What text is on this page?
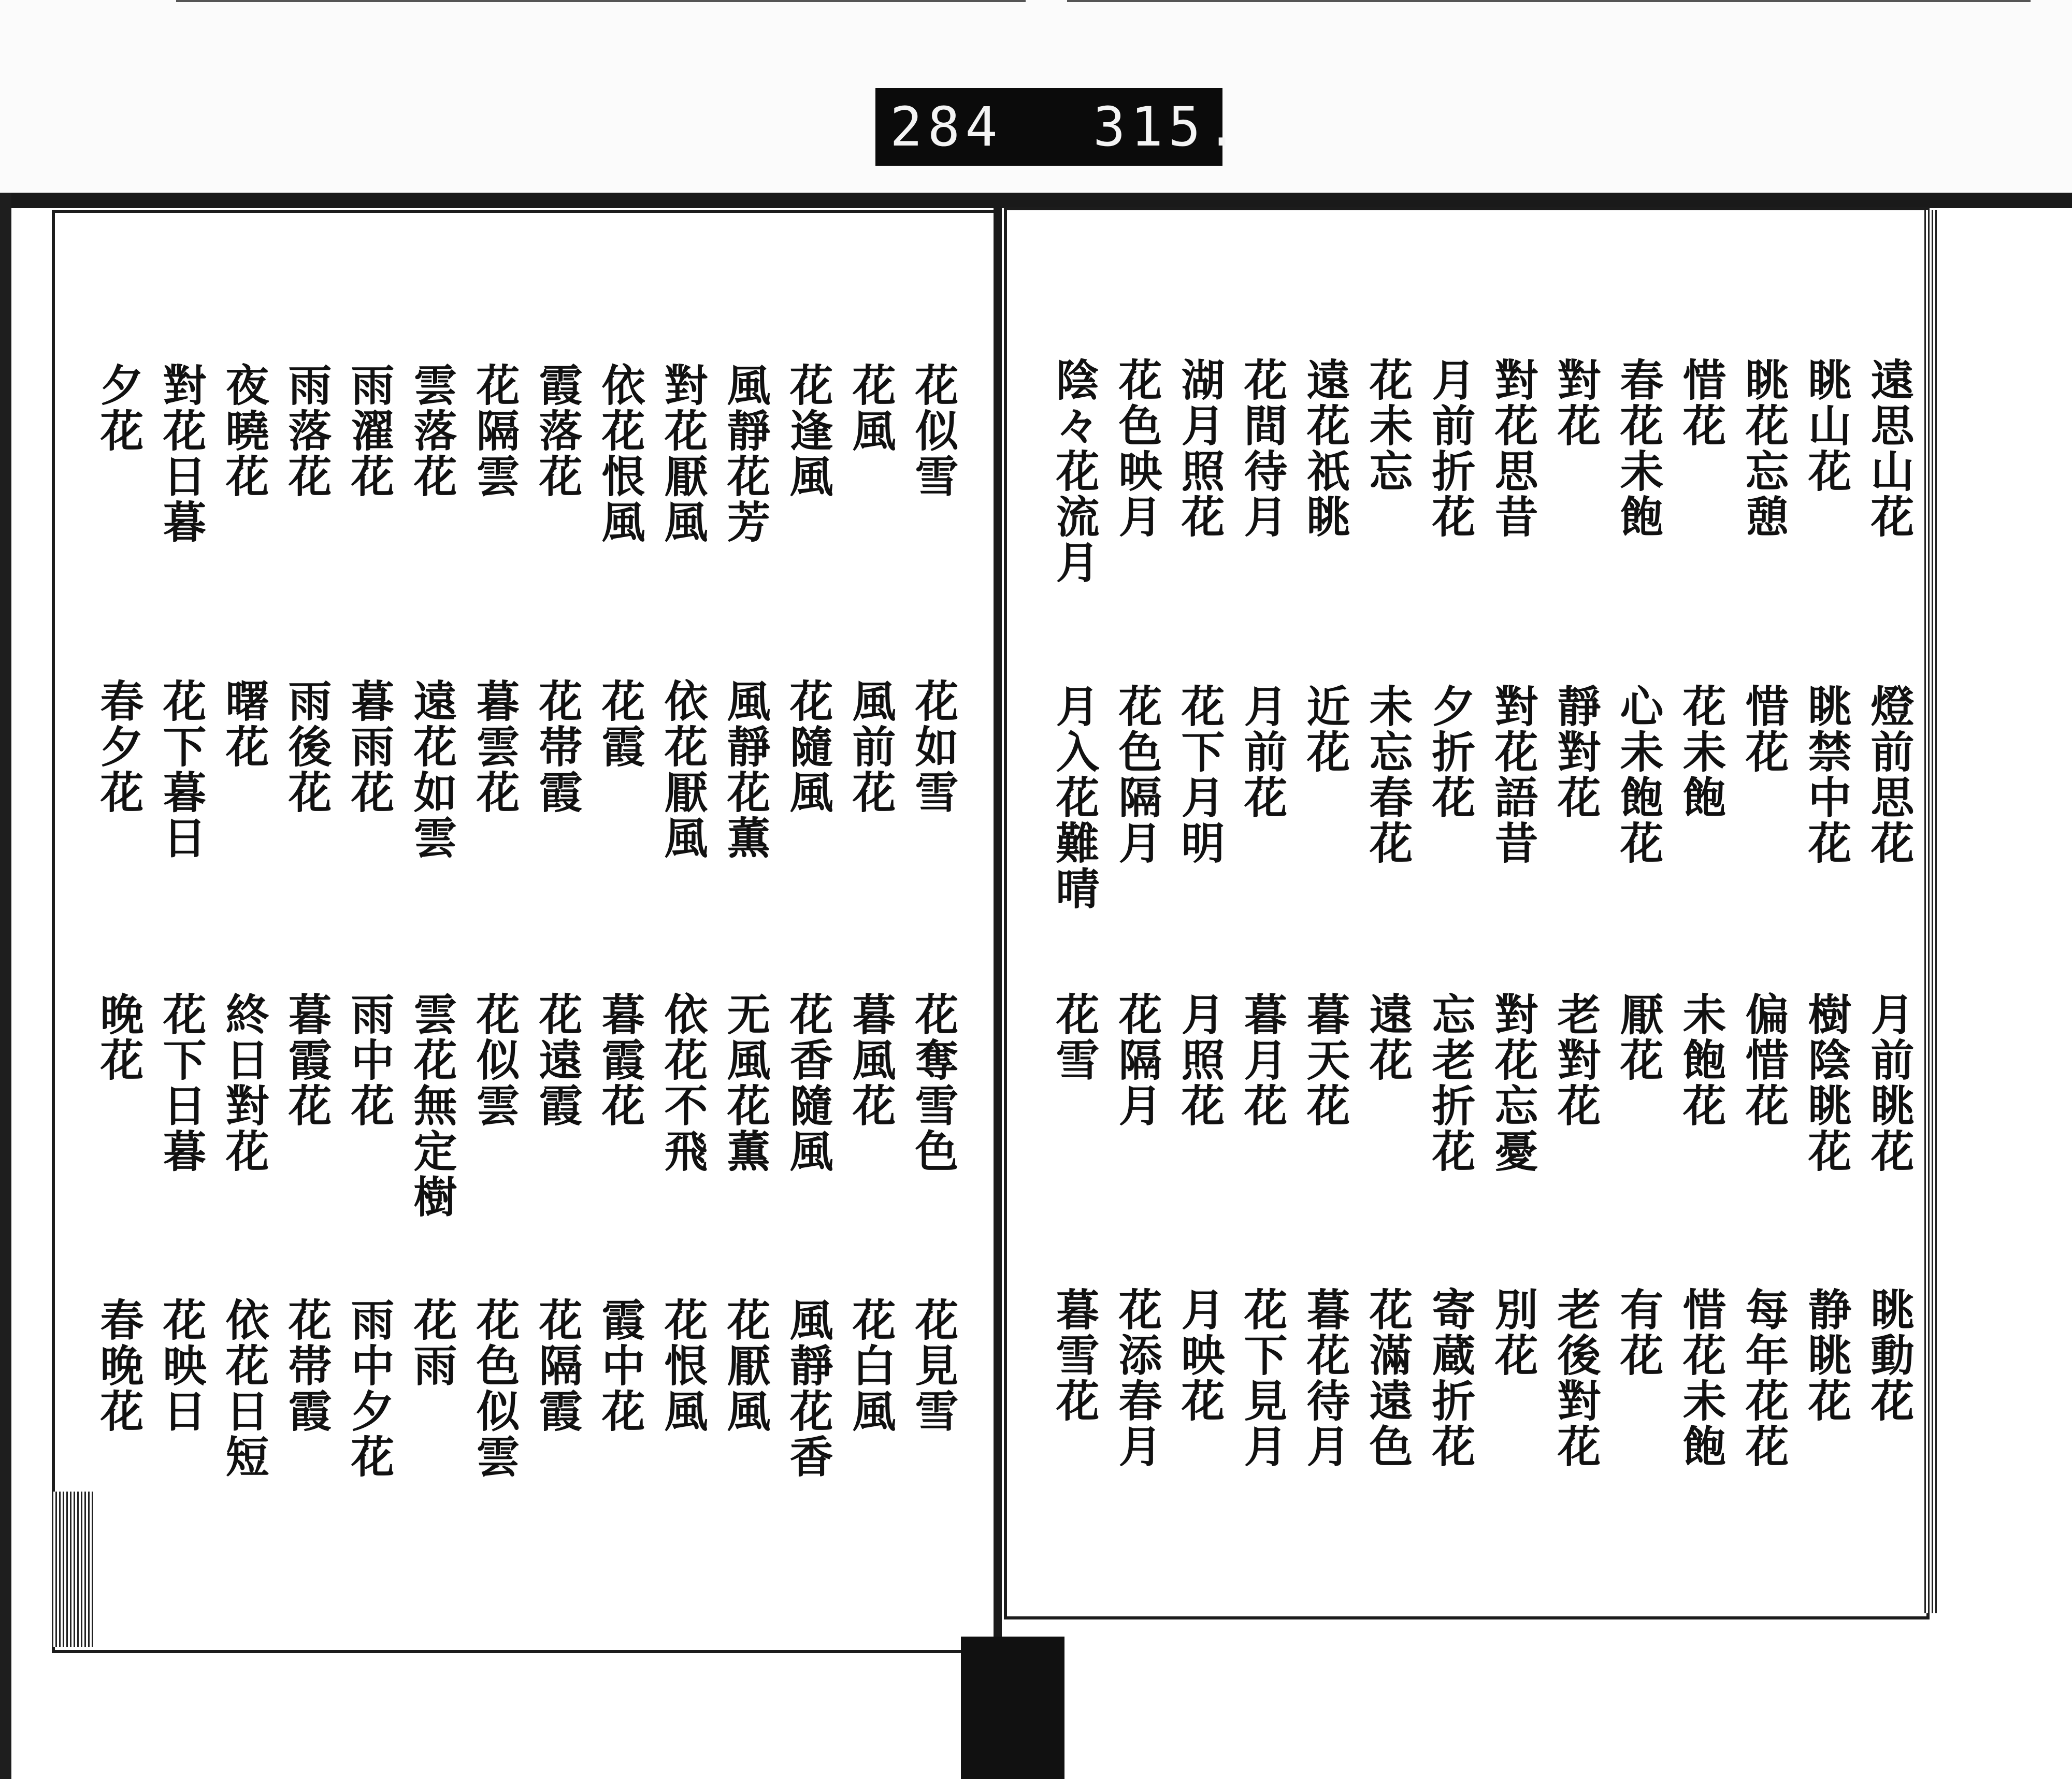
284 315.
遠思山花
眺山花
眺花忘憩
惜花
春花未飽
對花
對花思昔
月前折花
花未忘
遠花祇眺
花間待月
湖月照花
花色映月
陰々花流月
燈前思花
眺禁中花
惜花
花未飽
心未飽花
靜對花
對花語昔
夕折花
未忘春花
近花
月前花
花下月明
花色隔月
月入花難晴
月前眺花
樹陰眺花
偏惜花
未飽花
厭花
老對花
對花忘憂
忘老折花
遠花
暮天花
暮月花
月照花
花隔月
花雪
眺動花
静眺花
每年花花
惜花未飽
有花
老後對花
別花
寄蔵折花
花滿遠色
暮花待月
花下見月
月映花
花添春月
暮雪花
花似雪
花風
花逢風
風靜花芳
對花厭風
依花恨風
霞落花
花隔雲
雲落花
雨濯花
雨落花
夜曉花
對花日暮
夕花
花如雪
風前花
花隨風
風靜花薫
依花厭風
花霞
花帯霞
暮雲花
遠花如雲
暮雨花
雨後花
曙花
花下暮日
春夕花
花奪雪色
暮風花
花香隨風
无風花薫
依花不飛
暮霞花
花遠霞
花似雲
雲花無定樹
雨中花
暮霞花
終日對花
花下日暮
晚花
花見雪
花白風
風靜花香
花厭風
花恨風
霞中花
花隔霞
花色似雲
花雨
雨中夕花
花帯霞
依花日短
花映日
春晚花
